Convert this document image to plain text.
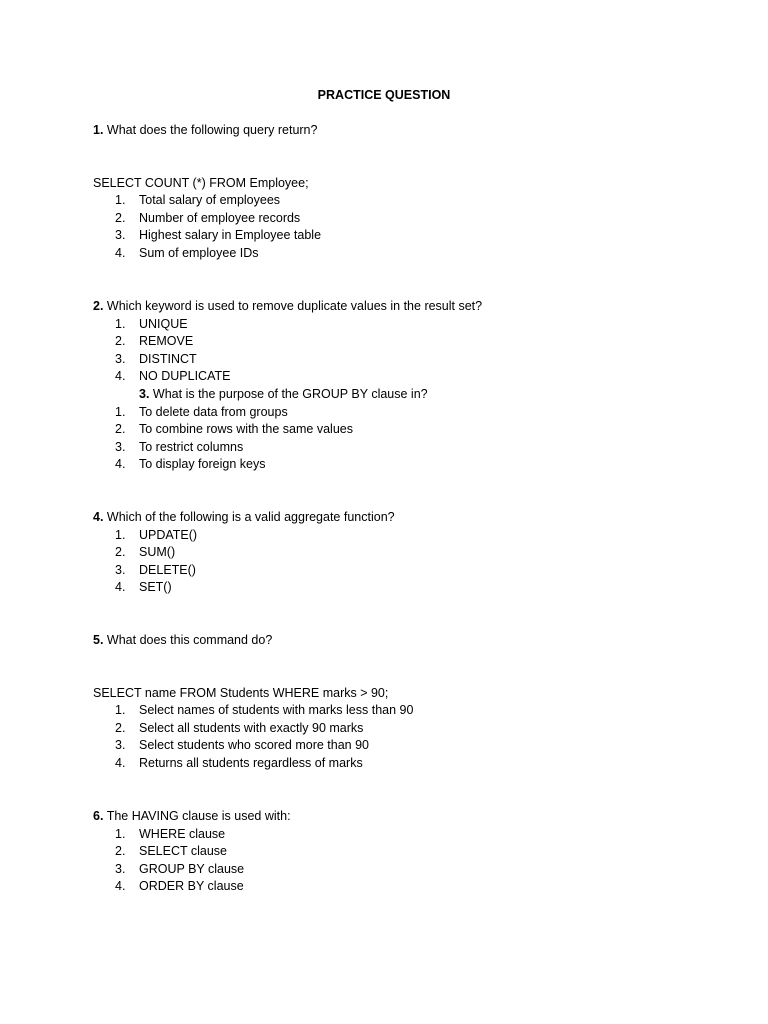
PRACTICE QUESTION
1. What does the following query return?
SELECT COUNT (*) FROM Employee;
1. Total salary of employees
2. Number of employee records
3. Highest salary in Employee table
4. Sum of employee IDs
2. Which keyword is used to remove duplicate values in the result set?
1. UNIQUE
2. REMOVE
3. DISTINCT
4. NO DUPLICATE
3. What is the purpose of the GROUP BY clause in?
1. To delete data from groups
2. To combine rows with the same values
3. To restrict columns
4. To display foreign keys
4. Which of the following is a valid aggregate function?
1. UPDATE()
2. SUM()
3. DELETE()
4. SET()
5. What does this command do?
SELECT name FROM Students WHERE marks > 90;
1. Select names of students with marks less than 90
2. Select all students with exactly 90 marks
3. Select students who scored more than 90
4. Returns all students regardless of marks
6. The HAVING clause is used with:
1. WHERE clause
2. SELECT clause
3. GROUP BY clause
4. ORDER BY clause
